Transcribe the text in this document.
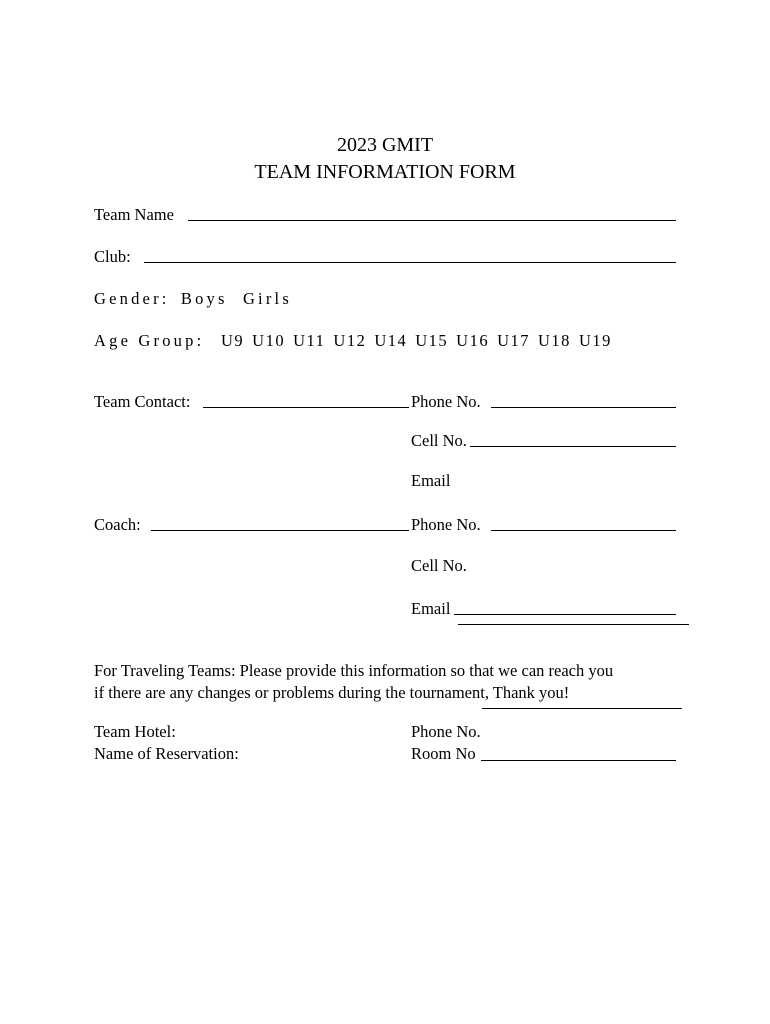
2023 GMIT
TEAM INFORMATION FORM
Team Name
Club:
Gender: Boys Girls
Age Group: U9 U10 U11 U12 U14 U15 U16 U17 U18 U19
Team Contact:	Phone No.
Cell No.
Email
Coach:	Phone No.
Cell No.
Email
For Traveling Teams: Please provide this information so that we can reach you
if there are any changes or problems during the tournament, Thank you!
Team Hotel:
Name of Reservation:
Phone No.
Room No
